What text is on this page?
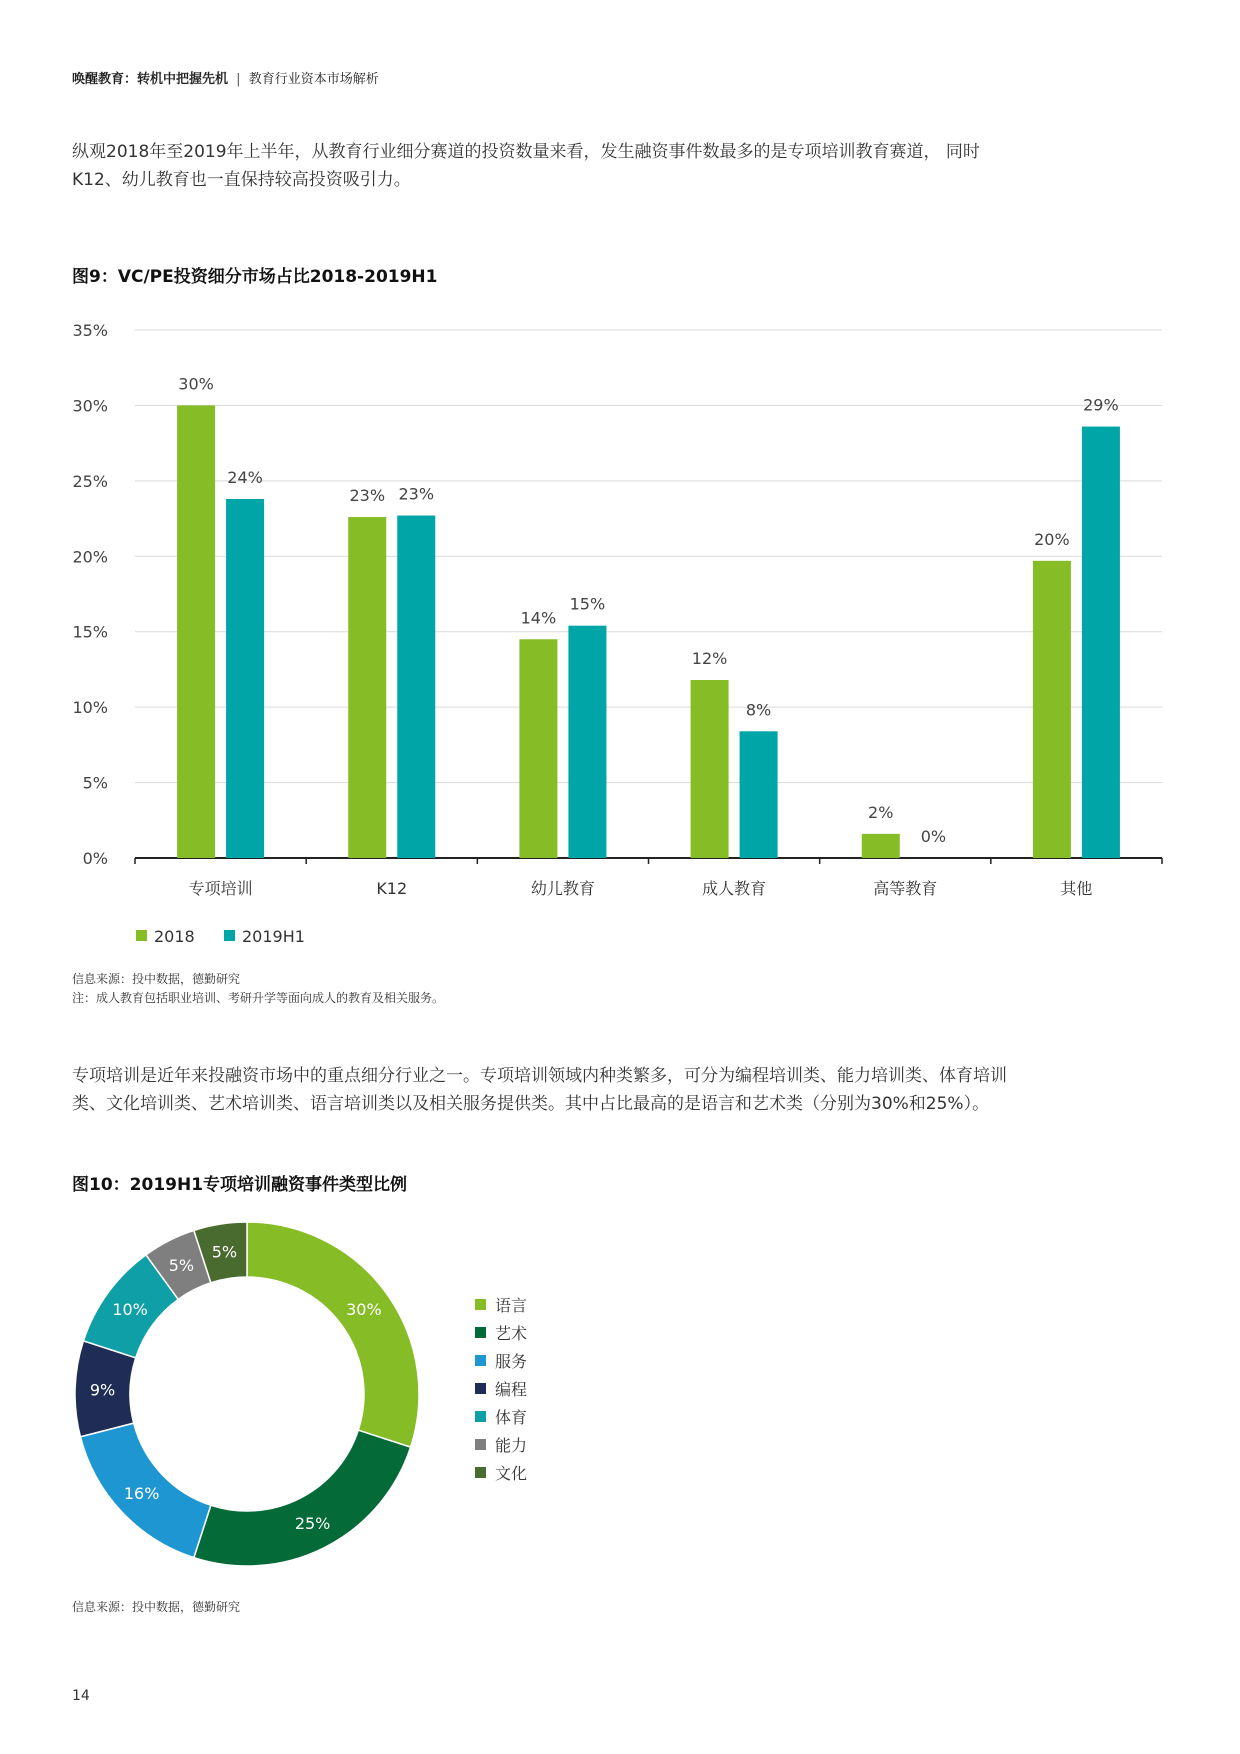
唤醒教育：转机中把握先机 | 教育行业资本市场解析
纵观2018年至2019年上半年，从教育行业细分赛道的投资数量来看，发生融资事件数最多的是专项培训教育赛道， 同时
K12、幼儿教育也一直保持较高投资吸引力。
图9：VC/PE投资细分市场占比2018-2019H1
0%
5%
10%
15%
20%
25%
30%
35%
30%
24%
专项培训
23% 23%
K12
14%
15%
幼儿教育
12%
8%
成人教育
2%
0%
高等教育
20%
29%
其他
2018	2019H1
信息来源：投中数据，德勤研究
注：成人教育包括职业培训、考研升学等面向成人的教育及相关服务。
专项培训是近年来投融资市场中的重点细分行业之一。专项培训领域内种类繁多，可分为编程培训类、能力培训类、体育培训
类、文化培训类、艺术培训类、语言培训类以及相关服务提供类。其中占比最高的是语言和艺术类（分别为30%和25%）。
图10：2019H1专项培训融资事件类型比例
30%
25%
16%
9%
10%
5%
5%
语言
艺术
服务
编程
体育
能力
文化
信息来源：投中数据，德勤研究
14
